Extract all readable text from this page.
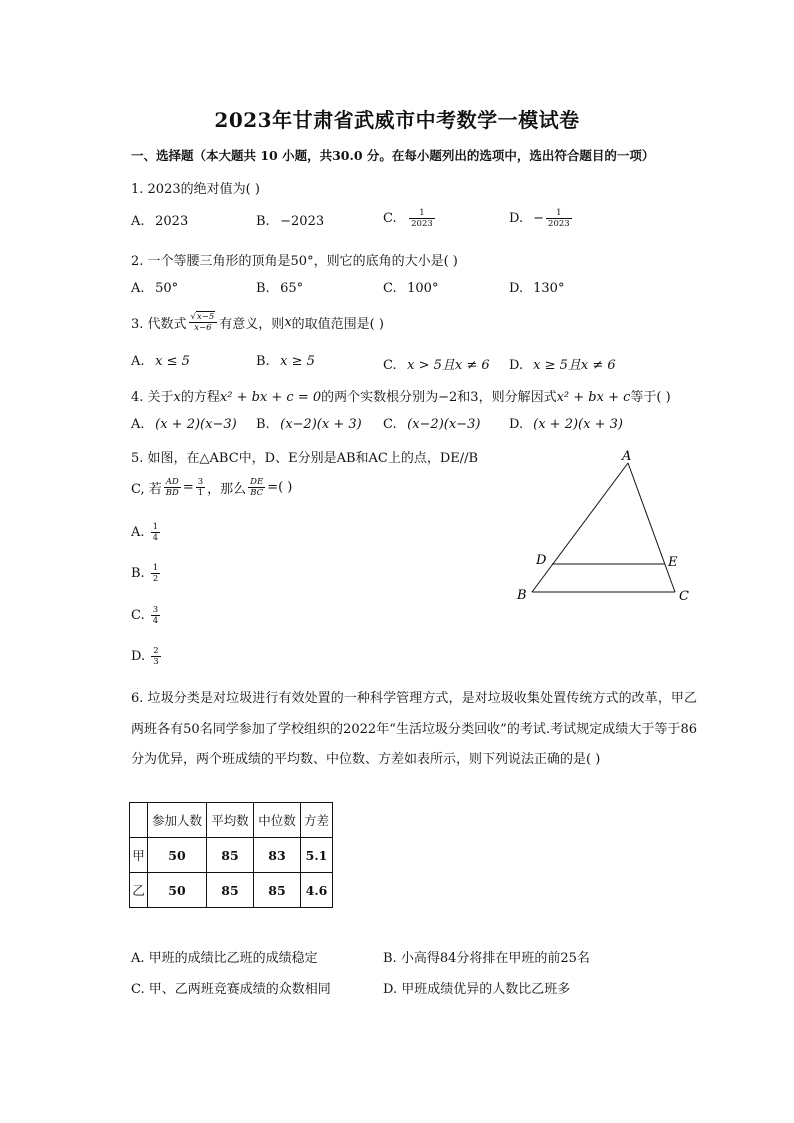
2023年甘肃省武威市中考数学一模试卷
一、选择题（本大题共 10 小题，共30.0 分。在每小题列出的选项中，选出符合题目的一项）
1. 2023的绝对值为( )
A. 2023	B. −2023	C. $\frac{1}{2023}$	D. − $\frac{1}{2023}$
2. 一个等腰三角形的顶角是50°，则它的底角的大小是( )
A. 50°	B. 65°	C. 100°	D. 130°
3. 代数式 $\frac{√x-5}{x-6}$ 有意义，则x的取值范围是( )
A. x ≤ 5	B. x ≥ 5	C. x > 5且x ≠ 6 D. x ≥ 5且x ≠ 6
4. 关于x的方程x² + bx + c = 0的两个实数根分别为−2和3，则分解因式x² + bx + c等于( )
A. (x + 2)(x−3) B. (x−2)(x + 3) C. (x−2)(x−3) D. (x + 2)(x + 3)
5. 如图，在△ABC中，D、E分别是AB和AC上的点，DE//B
C, 若 $\frac{AD}{BD} = \frac{3}{1}$ ，那么 $\frac{DE}{BC}$ =( )
A. $\frac{1}{4}$
B. $\frac{1}{2}$
C. $\frac{3}{4}$
D. $\frac{2}{3}$
A
D	E
B	C
6. 垃圾分类是对垃圾进行有效处置的一种科学管理方式，是对垃圾收集处置传统方式的改革，甲乙两班各有50名同学参加了学校组织的2022年“生活垃圾分类回收”的考试.考试规定成绩大于等于86分为优异，两个班成绩的平均数、中位数、方差如表所示，则下列说法正确的是( )
	参加人数	平均数	中位数	方差
甲	50	85	83	5.1
乙	50	85	85	4.6
A. 甲班的成绩比乙班的成绩稳定	B. 小高得84分将排在甲班的前25名
C. 甲、乙两班竞赛成绩的众数相同	D. 甲班成绩优异的人数比乙班多
